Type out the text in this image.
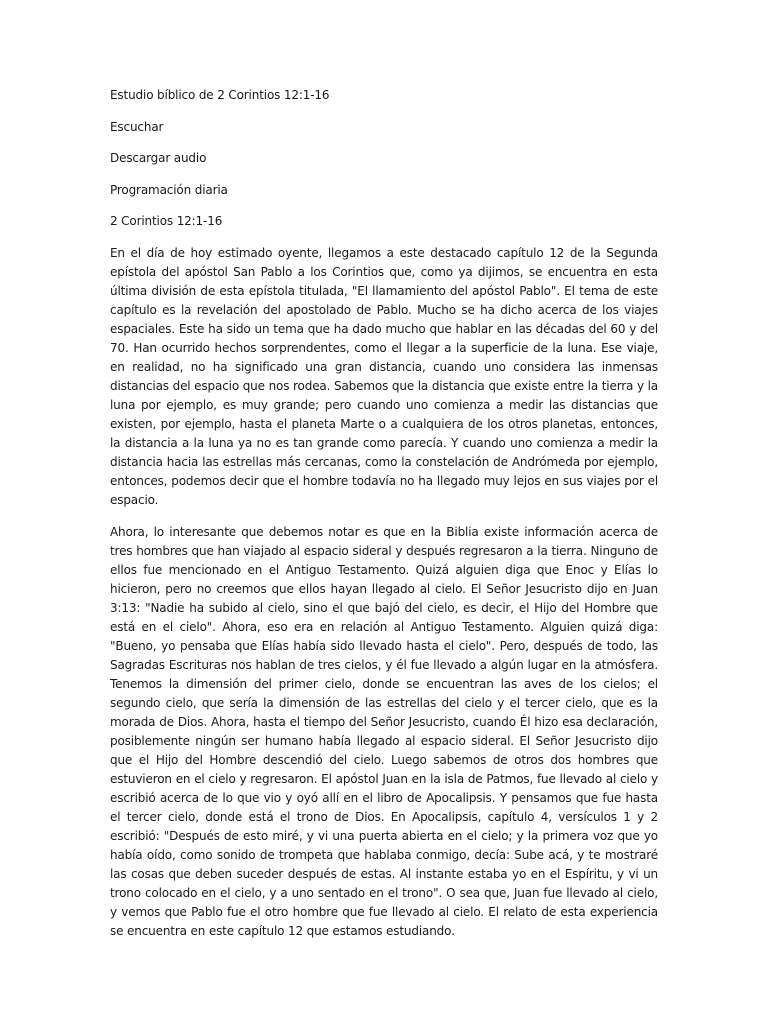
Estudio bíblico de 2 Corintios 12:1-16

Escuchar

Descargar audio

Programación diaria

2 Corintios 12:1-16

En el día de hoy estimado oyente, llegamos a este destacado capítulo 12 de la Segunda epístola del apóstol San Pablo a los Corintios que, como ya dijimos, se encuentra en esta última división de esta epístola titulada, "El llamamiento del apóstol Pablo". El tema de este capítulo es la revelación del apostolado de Pablo. Mucho se ha dicho acerca de los viajes espaciales. Este ha sido un tema que ha dado mucho que hablar en las décadas del 60 y del 70. Han ocurrido hechos sorprendentes, como el llegar a la superficie de la luna. Ese viaje, en realidad, no ha significado una gran distancia, cuando uno considera las inmensas distancias del espacio que nos rodea. Sabemos que la distancia que existe entre la tierra y la luna por ejemplo, es muy grande; pero cuando uno comienza a medir las distancias que existen, por ejemplo, hasta el planeta Marte o a cualquiera de los otros planetas, entonces, la distancia a la luna ya no es tan grande como parecía. Y cuando uno comienza a medir la distancia hacia las estrellas más cercanas, como la constelación de Andrómeda por ejemplo, entonces, podemos decir que el hombre todavía no ha llegado muy lejos en sus viajes por el espacio.

Ahora, lo interesante que debemos notar es que en la Biblia existe información acerca de tres hombres que han viajado al espacio sideral y después regresaron a la tierra. Ninguno de ellos fue mencionado en el Antiguo Testamento. Quizá alguien diga que Enoc y Elías lo hicieron, pero no creemos que ellos hayan llegado al cielo. El Señor Jesucristo dijo en Juan 3:13: "Nadie ha subido al cielo, sino el que bajó del cielo, es decir, el Hijo del Hombre que está en el cielo". Ahora, eso era en relación al Antiguo Testamento. Alguien quizá diga: "Bueno, yo pensaba que Elías había sido llevado hasta el cielo". Pero, después de todo, las Sagradas Escrituras nos hablan de tres cielos, y él fue llevado a algún lugar en la atmósfera. Tenemos la dimensión del primer cielo, donde se encuentran las aves de los cielos; el segundo cielo, que sería la dimensión de las estrellas del cielo y el tercer cielo, que es la morada de Dios. Ahora, hasta el tiempo del Señor Jesucristo, cuando Él hizo esa declaración, posiblemente ningún ser humano había llegado al espacio sideral. El Señor Jesucristo dijo que el Hijo del Hombre descendió del cielo. Luego sabemos de otros dos hombres que estuvieron en el cielo y regresaron. El apóstol Juan en la isla de Patmos, fue llevado al cielo y escribió acerca de lo que vio y oyó allí en el libro de Apocalipsis. Y pensamos que fue hasta el tercer cielo, donde está el trono de Dios. En Apocalipsis, capítulo 4, versículos 1 y 2 escribió: "Después de esto miré, y vi una puerta abierta en el cielo; y la primera voz que yo había oído, como sonido de trompeta que hablaba conmigo, decía: Sube acá, y te mostraré las cosas que deben suceder después de estas. Al instante estaba yo en el Espíritu, y vi un trono colocado en el cielo, y a uno sentado en el trono". O sea que, Juan fue llevado al cielo, y vemos que Pablo fue el otro hombre que fue llevado al cielo. El relato de esta experiencia se encuentra en este capítulo 12 que estamos estudiando.
